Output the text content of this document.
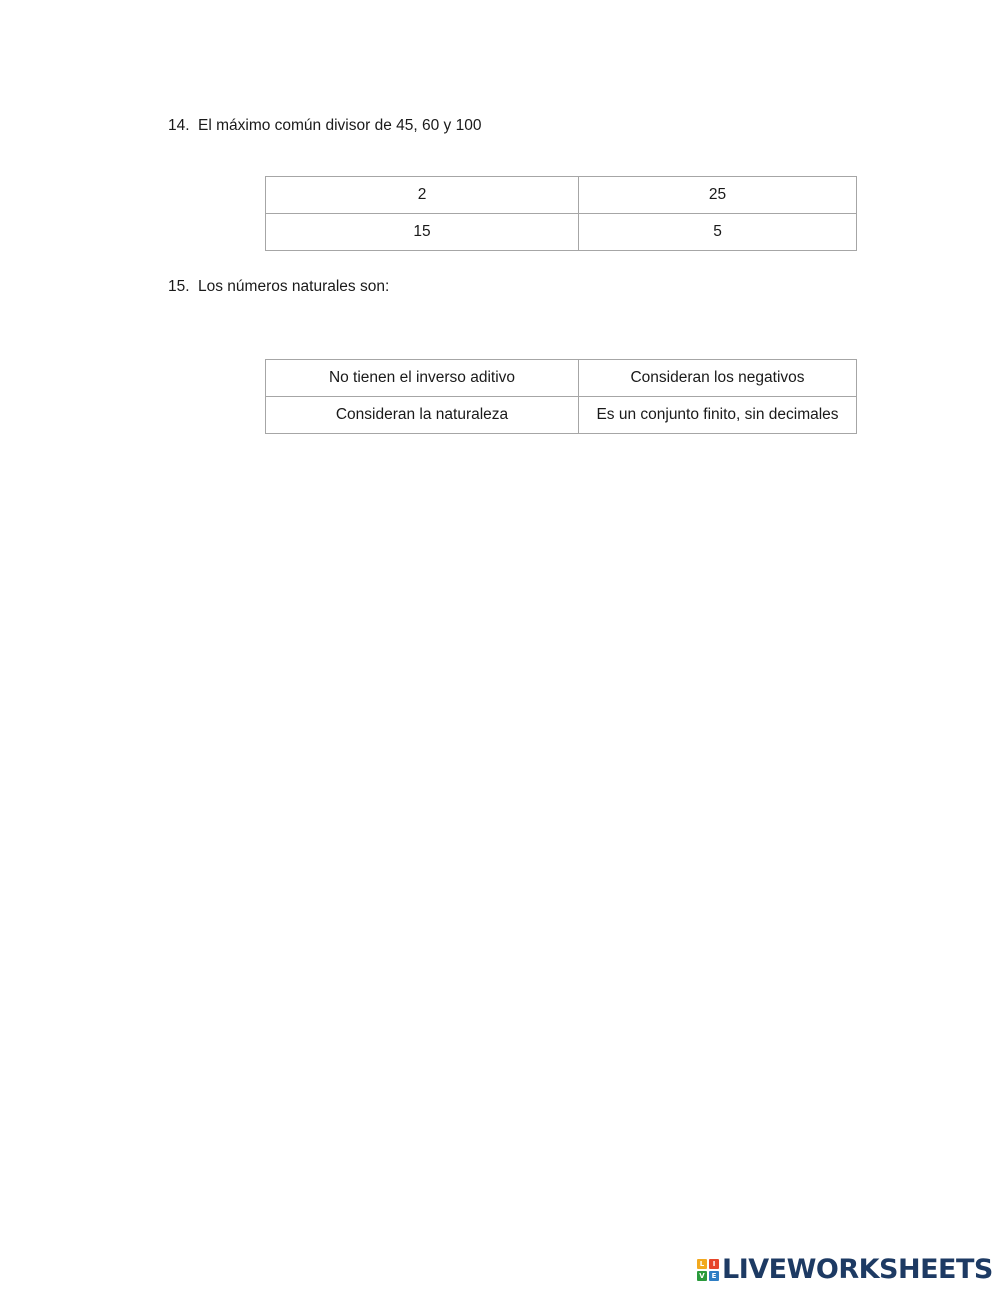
14. El máximo común divisor de 45, 60 y 100
2	25
15	5
15. Los números naturales son:
No tienen el inverso aditivo	Consideran los negativos
Consideran la naturaleza	Es un conjunto finito, sin decimales
L	I
V E LIVEWORKSHEETS
